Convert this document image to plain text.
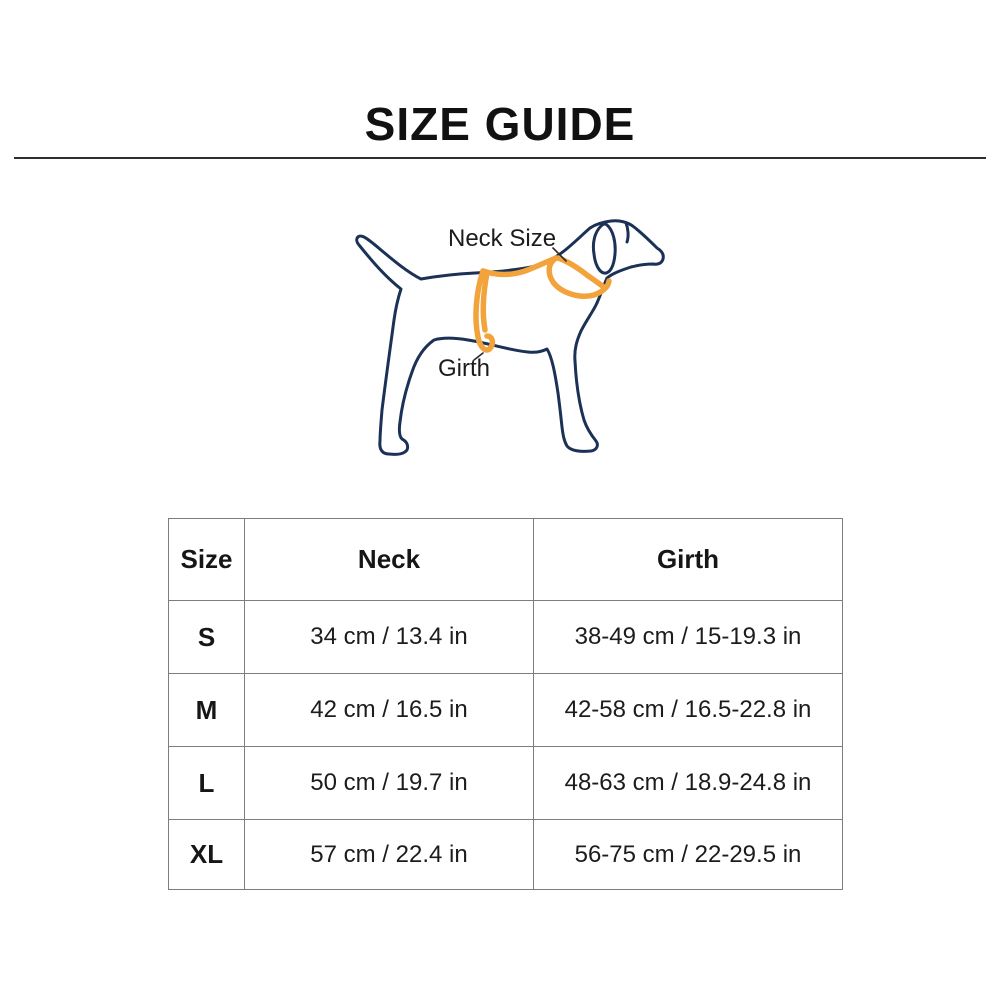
SIZE GUIDE
Neck Size
Girth
Size	Neck	Girth
S	34 cm / 13.4 in	38-49 cm / 15-19.3 in
M	42 cm / 16.5 in	42-58 cm / 16.5-22.8 in
L	50 cm / 19.7 in	48-63 cm / 18.9-24.8 in
XL	57 cm / 22.4 in	56-75 cm / 22-29.5 in
